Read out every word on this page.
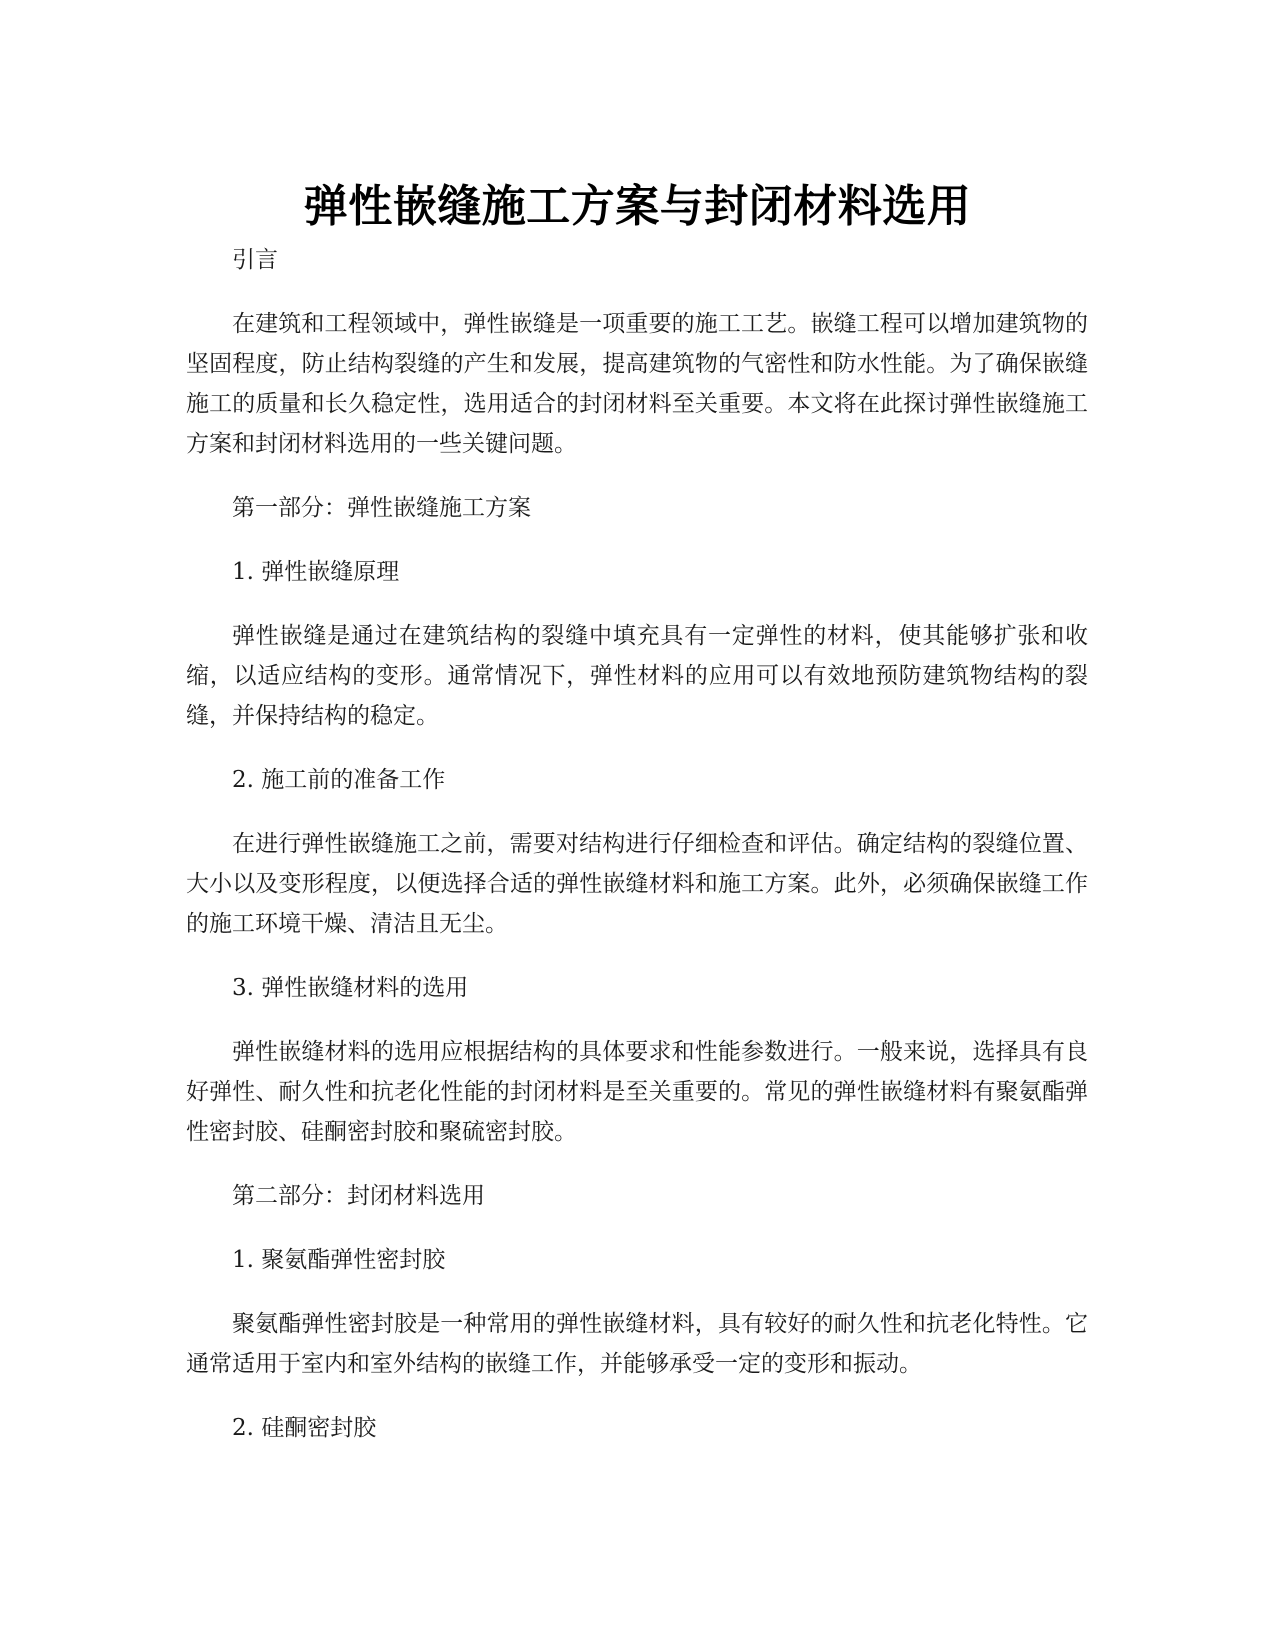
弹性嵌缝施工方案与封闭材料选用

引言

在建筑和工程领域中，弹性嵌缝是一项重要的施工工艺。嵌缝工程可以增加建筑物的坚固程度，防止结构裂缝的产生和发展，提高建筑物的气密性和防水性能。为了确保嵌缝施工的质量和长久稳定性，选用适合的封闭材料至关重要。本文将在此探讨弹性嵌缝施工方案和封闭材料选用的一些关键问题。

第一部分：弹性嵌缝施工方案

1. 弹性嵌缝原理

弹性嵌缝是通过在建筑结构的裂缝中填充具有一定弹性的材料，使其能够扩张和收缩，以适应结构的变形。通常情况下，弹性材料的应用可以有效地预防建筑物结构的裂缝，并保持结构的稳定。

2. 施工前的准备工作

在进行弹性嵌缝施工之前，需要对结构进行仔细检查和评估。确定结构的裂缝位置、大小以及变形程度，以便选择合适的弹性嵌缝材料和施工方案。此外，必须确保嵌缝工作的施工环境干燥、清洁且无尘。

3. 弹性嵌缝材料的选用

弹性嵌缝材料的选用应根据结构的具体要求和性能参数进行。一般来说，选择具有良好弹性、耐久性和抗老化性能的封闭材料是至关重要的。常见的弹性嵌缝材料有聚氨酯弹性密封胶、硅酮密封胶和聚硫密封胶。

第二部分：封闭材料选用

1. 聚氨酯弹性密封胶

聚氨酯弹性密封胶是一种常用的弹性嵌缝材料，具有较好的耐久性和抗老化特性。它通常适用于室内和室外结构的嵌缝工作，并能够承受一定的变形和振动。

2. 硅酮密封胶
